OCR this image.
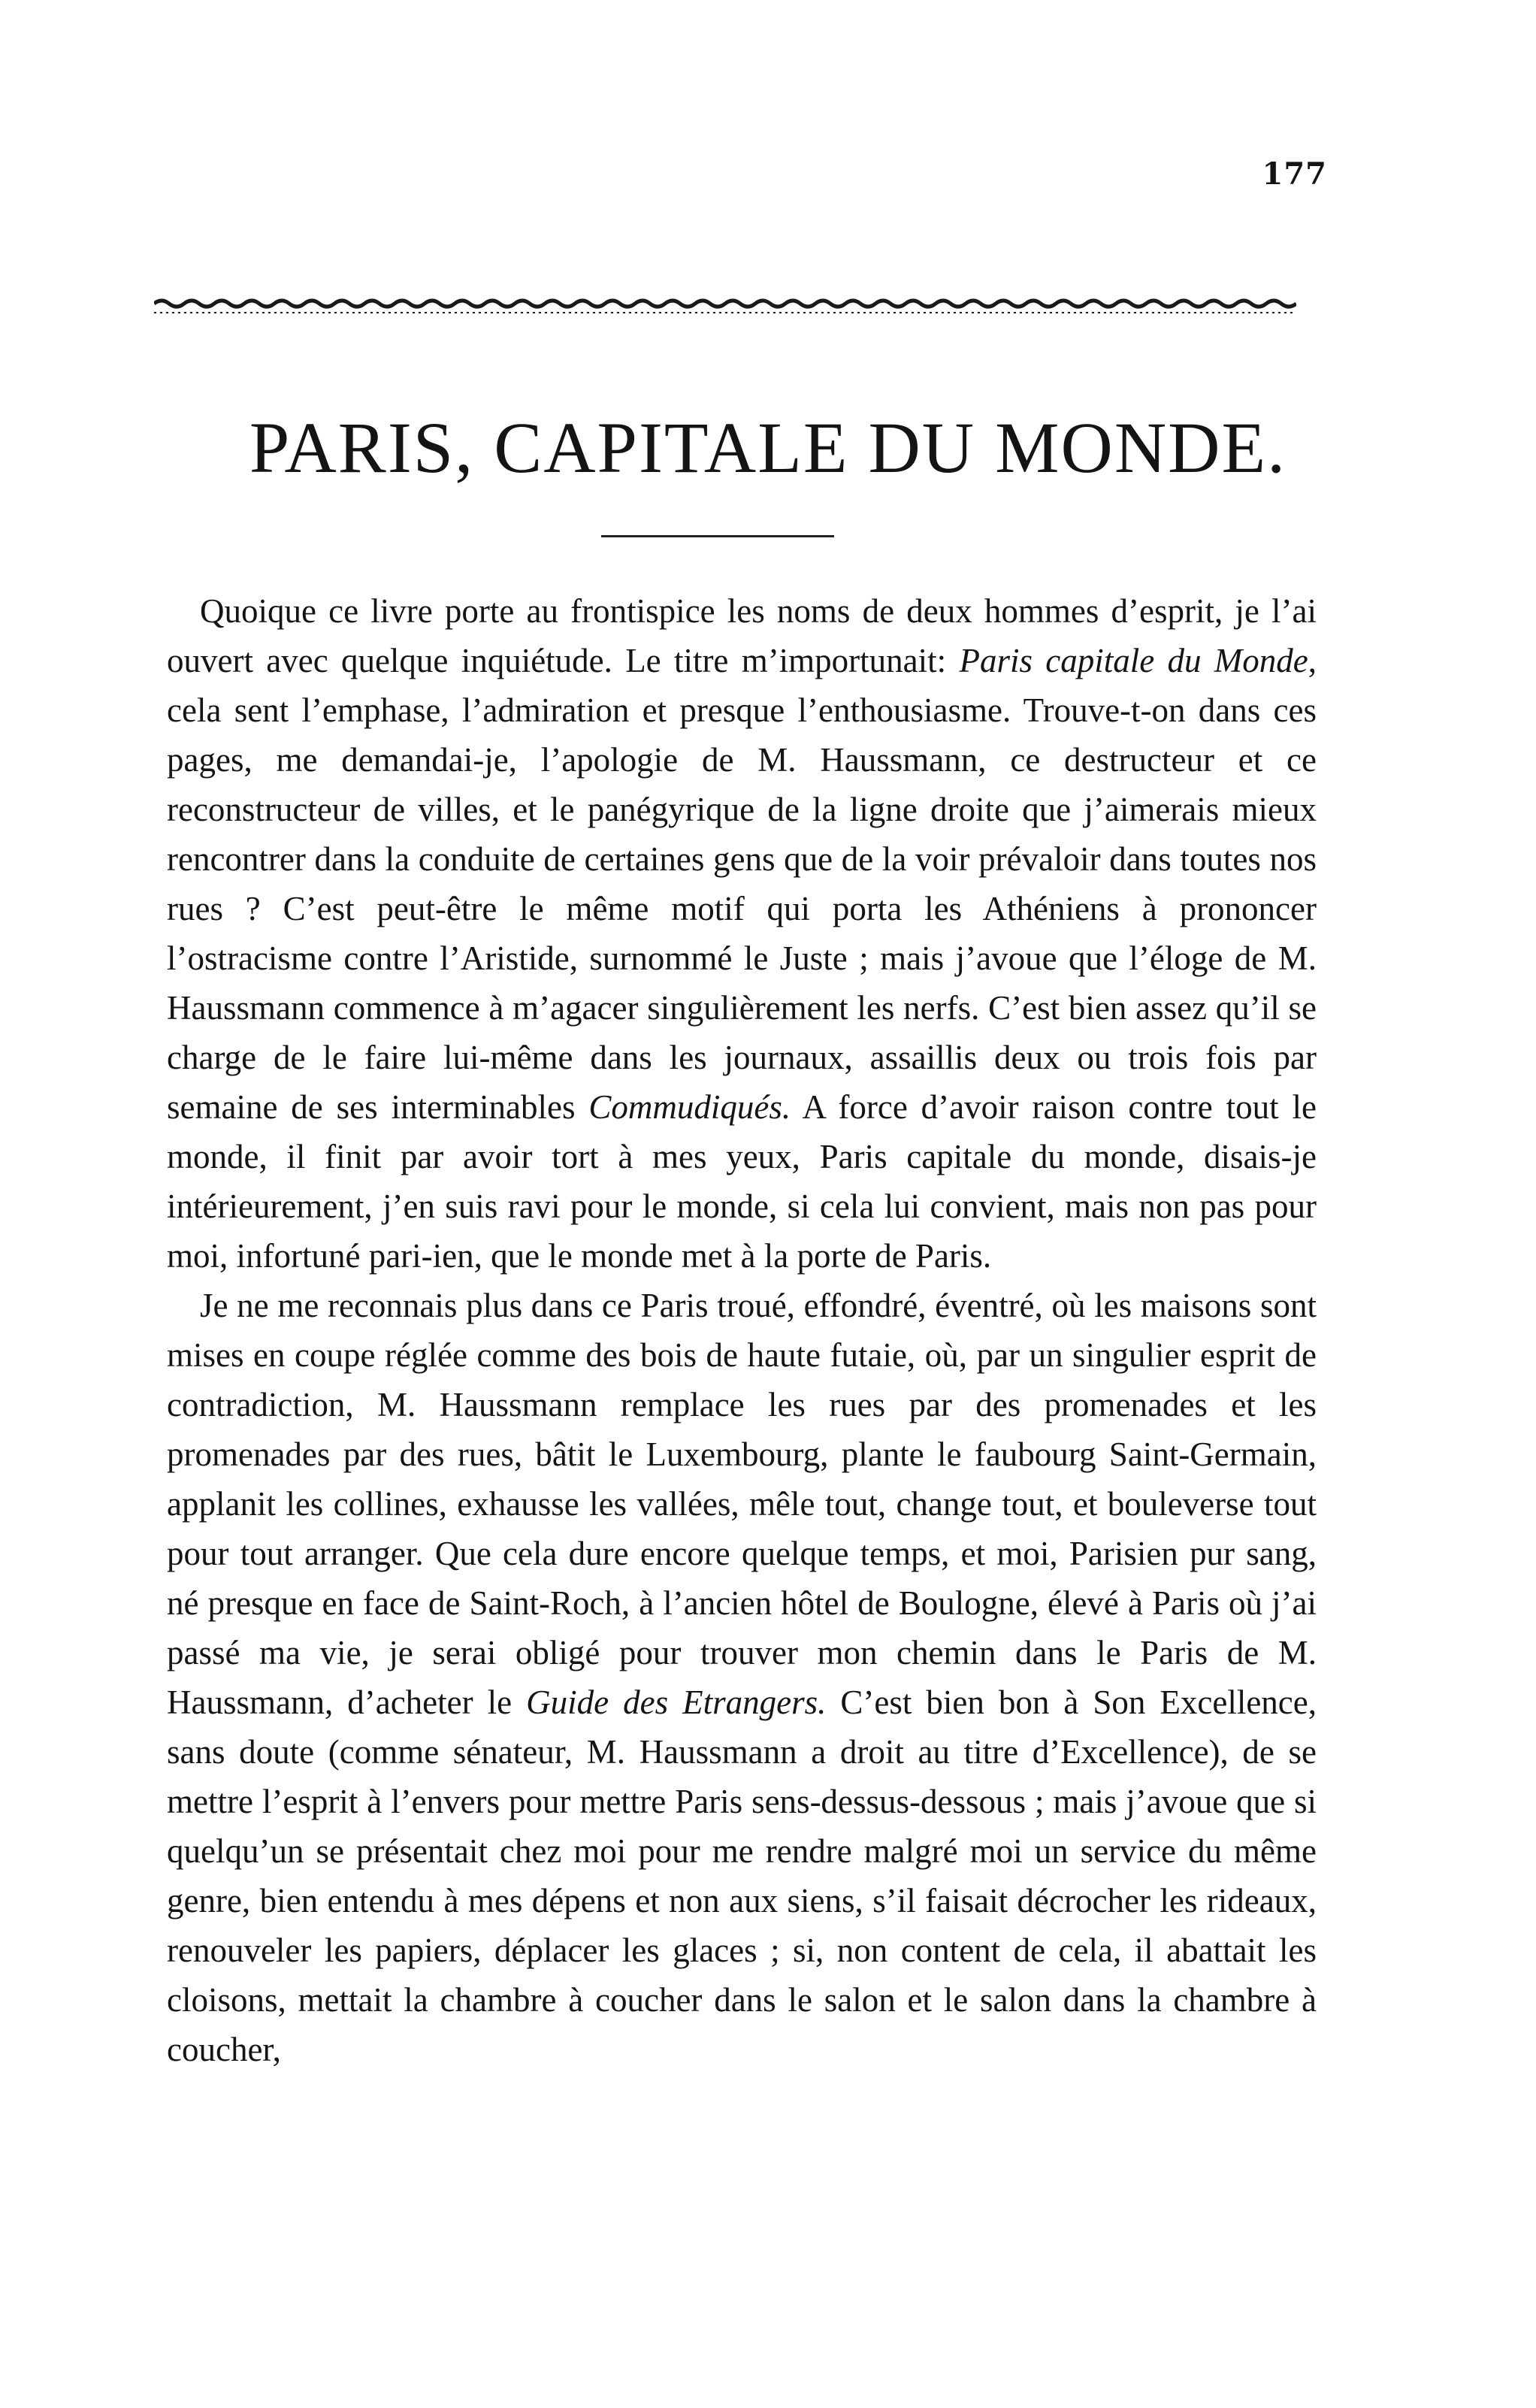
177
PARIS, CAPITALE DU MONDE.

Quoique ce livre porte au frontispice les noms de deux hommes d’esprit, je l’ai ouvert avec quelque inquiétude. Le titre m’importunait: Paris capitale du Monde, cela sent l’emphase, l’admiration et presque l’enthousiasme. Trouve-t-on dans ces pages, me demandai-je, l’apologie de M. Haussmann, ce destructeur et ce reconstructeur de villes, et le panégyrique de la ligne droite que j’aimerais mieux rencontrer dans la conduite de certaines gens que de la voir prévaloir dans toutes nos rues ? C’est peut-être le même motif qui porta les Athéniens à prononcer l’ostracisme contre l’Aristide, surnommé le Juste ; mais j’avoue que l’éloge de M. Haussmann commence à m’agacer singulièrement les nerfs. C’est bien assez qu’il se charge de le faire lui-même dans les journaux, assaillis deux ou trois fois par semaine de ses interminables Commudiqués. A force d’avoir raison contre tout le monde, il finit par avoir tort à mes yeux, Paris capitale du monde, disais-je intérieurement, j’en suis ravi pour le monde, si cela lui convient, mais non pas pour moi, infortuné pari-ien, que le monde met à la porte de Paris.

Je ne me reconnais plus dans ce Paris troué, effondré, éventré, où les maisons sont mises en coupe réglée comme des bois de haute futaie, où, par un singulier esprit de contradiction, M. Haussmann remplace les rues par des promenades et les promenades par des rues, bâtit le Luxembourg, plante le faubourg Saint-Germain, applanit les collines, exhausse les vallées, mêle tout, change tout, et bouleverse tout pour tout arranger. Que cela dure encore quelque temps, et moi, Parisien pur sang, né presque en face de Saint-Roch, à l’ancien hôtel de Boulogne, élevé à Paris où j’ai passé ma vie, je serai obligé pour trouver mon chemin dans le Paris de M. Haussmann, d’acheter le Guide des Etrangers. C’est bien bon à Son Excellence, sans doute (comme sénateur, M. Haussmann a droit au titre d’Excellence), de se mettre l’esprit à l’envers pour mettre Paris sens-dessus-dessous ; mais j’avoue que si quelqu’un se présentait chez moi pour me rendre malgré moi un service du même genre, bien entendu à mes dépens et non aux siens, s’il faisait décrocher les rideaux, renouveler les papiers, déplacer les glaces ; si, non content de cela, il abattait les cloisons, mettait la chambre à coucher dans le salon et le salon dans la chambre à coucher,
